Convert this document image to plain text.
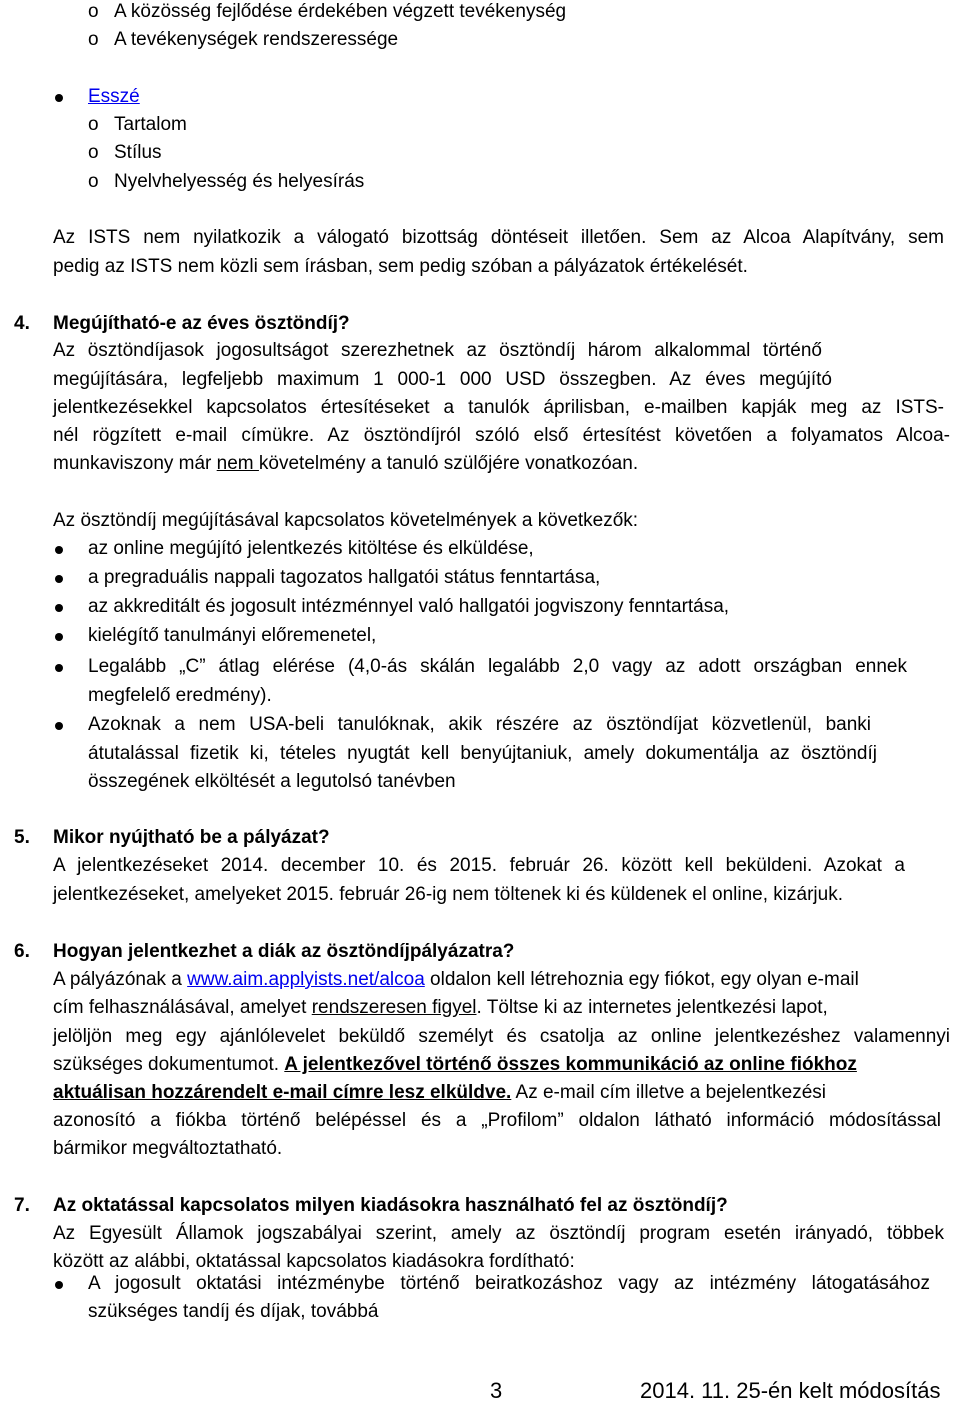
o A közösség fejlődése érdekében végzett tevékenység
o A tevékenységek rendszeressége
Esszé
o Tartalom
o Stílus
o Nyelvhelyesség és helyesírás
Az ISTS nem nyilatkozik a válogató bizottság döntéseit illetően. Sem az Alcoa Alapítvány, sem
pedig az ISTS nem közli sem írásban, sem pedig szóban a pályázatok értékelését.
4. Megújítható-e az éves ösztöndíj?
Az ösztöndíjasok jogosultságot szerezhetnek az ösztöndíj három alkalommal történő
megújítására, legfeljebb maximum 1 000-1 000 USD összegben. Az éves megújító
jelentkezésekkel kapcsolatos értesítéseket a tanulók áprilisban, e-mailben kapják meg az ISTS-
nél rögzített e-mail címükre. Az ösztöndíjról szóló első értesítést követően a folyamatos Alcoa-
munkaviszony már nem követelmény a tanuló szülőjére vonatkozóan.
Az ösztöndíj megújításával kapcsolatos követelmények a következők:
az online megújító jelentkezés kitöltése és elküldése,
a pregraduális nappali tagozatos hallgatói státus fenntartása,
az akkreditált és jogosult intézménnyel való hallgatói jogviszony fenntartása,
kielégítő tanulmányi előremenetel,
Legalább „C” átlag elérése (4,0-ás skálán legalább 2,0 vagy az adott országban ennek
megfelelő eredmény).
Azoknak a nem USA-beli tanulóknak, akik részére az ösztöndíjat közvetlenül, banki
átutalással fizetik ki, tételes nyugtát kell benyújtaniuk, amely dokumentálja az ösztöndíj
összegének elköltését a legutolsó tanévben
5. Mikor nyújtható be a pályázat?
A jelentkezéseket 2014. december 10. és 2015. február 26. között kell beküldeni. Azokat a
jelentkezéseket, amelyeket 2015. február 26-ig nem töltenek ki és küldenek el online, kizárjuk.
6. Hogyan jelentkezhet a diák az ösztöndíjpályázatra?
A pályázónak a www.aim.applyists.net/alcoa oldalon kell létrehoznia egy fiókot, egy olyan e-mail
cím felhasználásával, amelyet rendszeresen figyel. Töltse ki az internetes jelentkezési lapot,
jelöljön meg egy ajánlólevelet beküldő személyt és csatolja az online jelentkezéshez valamennyi
szükséges dokumentumot. A jelentkezővel történő összes kommunikáció az online fiókhoz
aktuálisan hozzárendelt e-mail címre lesz elküldve. Az e-mail cím illetve a bejelentkezési
azonosító a fiókba történő belépéssel és a „Profilom” oldalon látható információ módosítással
bármikor megváltoztatható.
7. Az oktatással kapcsolatos milyen kiadásokra használható fel az ösztöndíj?
Az Egyesült Államok jogszabályai szerint, amely az ösztöndíj program esetén irányadó, többek
között az alábbi, oktatással kapcsolatos kiadásokra fordítható:
A jogosult oktatási intézménybe történő beiratkozáshoz vagy az intézmény látogatásához
szükséges tandíj és díjak, továbbá
3	2014. 11. 25-én kelt módosítás
